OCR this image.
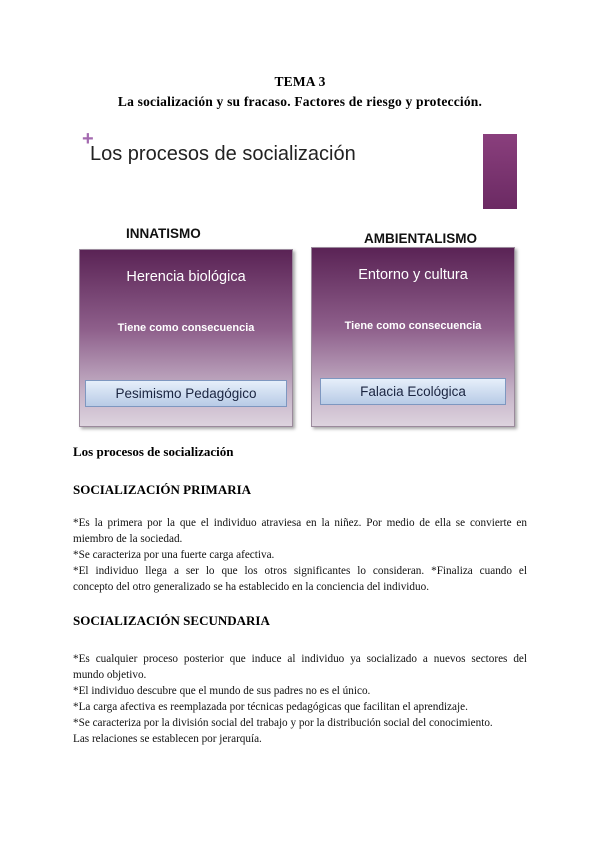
TEMA 3
La socialización y su fracaso. Factores de riesgo y protección.
+
Los procesos de socialización
INNATISMO	AMBIENTALISMO
Herencia biológica
Tiene como consecuencia
Pesimismo Pedagógico
Entorno y cultura
Tiene como consecuencia
Falacia Ecológica
Los procesos de socialización
SOCIALIZACIÓN PRIMARIA
*Es la primera por la que el individuo atraviesa en la niñez. Por medio de ella se convierte en
miembro de la sociedad.
*Se caracteriza por una fuerte carga afectiva.
*El individuo llega a ser lo que los otros significantes lo consideran. *Finaliza cuando el
concepto del otro generalizado se ha establecido en la conciencia del individuo.
SOCIALIZACIÓN SECUNDARIA
*Es cualquier proceso posterior que induce al individuo ya socializado a nuevos sectores del
mundo objetivo.
*El individuo descubre que el mundo de sus padres no es el único.
*La carga afectiva es reemplazada por técnicas pedagógicas que facilitan el aprendizaje.
*Se caracteriza por la división social del trabajo y por la distribución social del conocimiento.
Las relaciones se establecen por jerarquía.
